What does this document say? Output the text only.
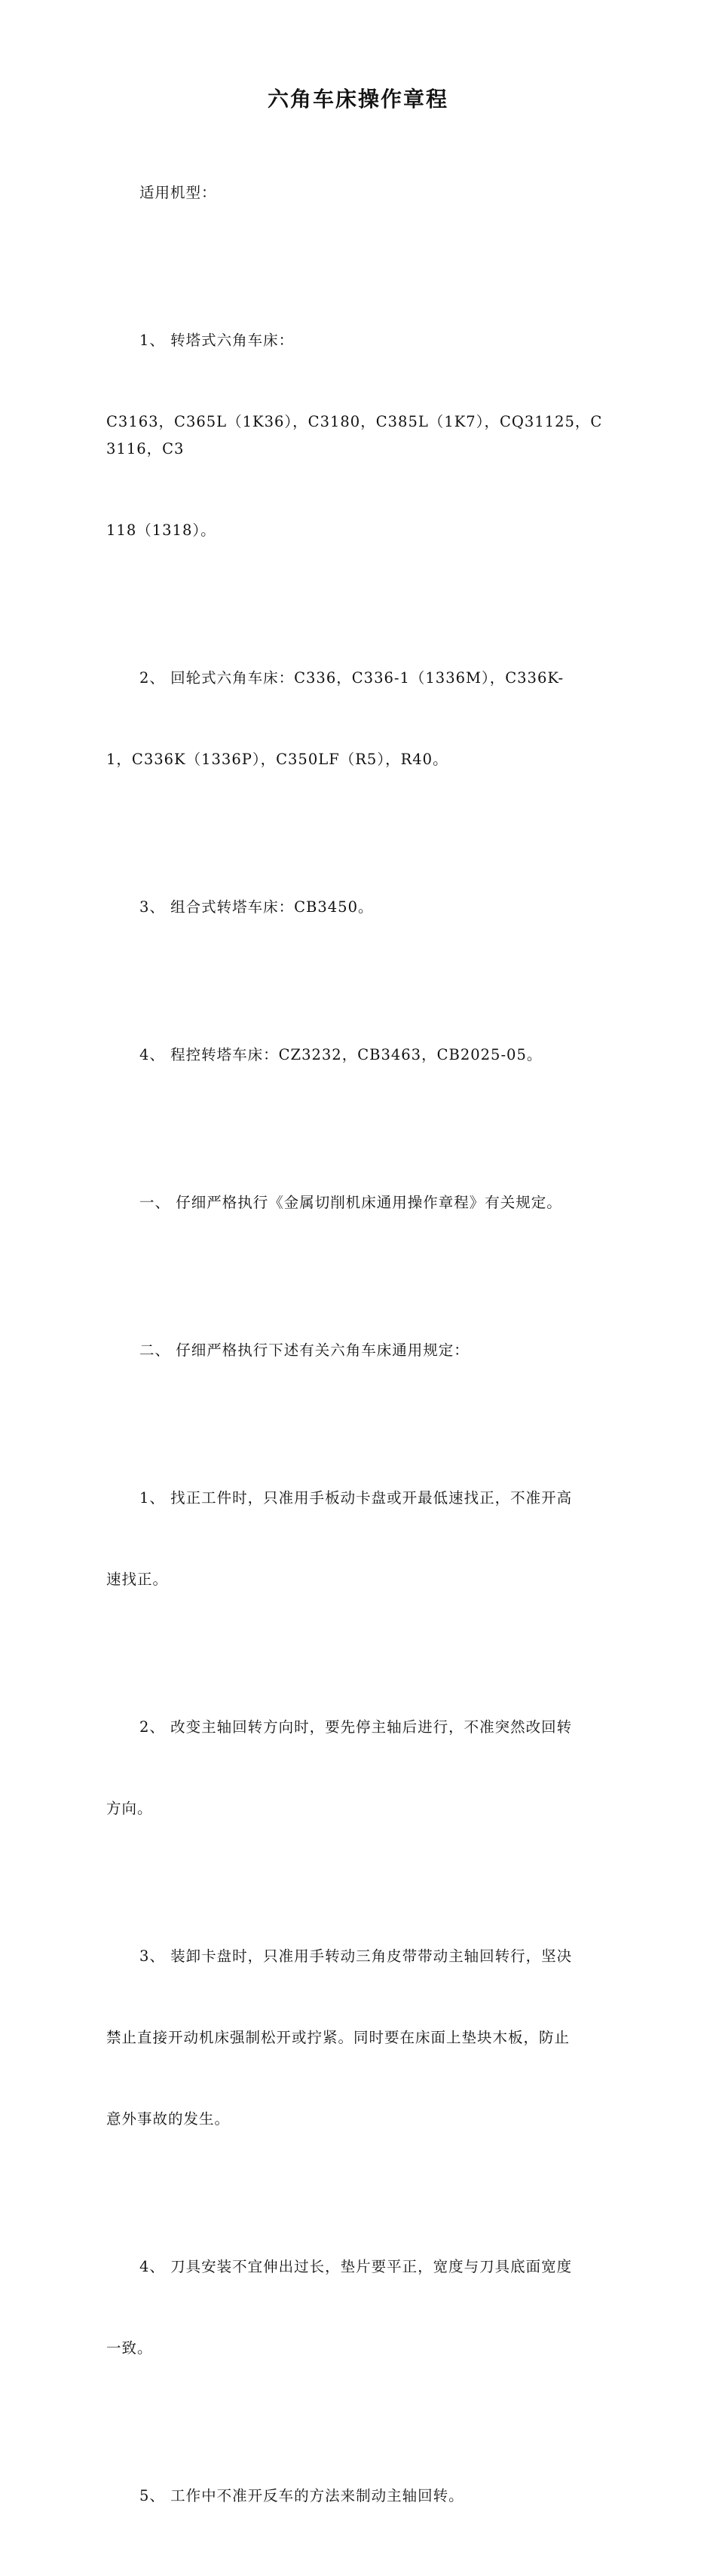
六角车床操作章程

适用机型：

1、 转塔式六角车床：

C3163，C365L（1K36），C3180，C385L（1K7），CQ31125，C3116，C3

118（1318）。

2、 回轮式六角车床：C336，C336-1（1336M），C336K-

1，C336K（1336P），C350LF（R5），R40。

3、 组合式转塔车床：CB3450。

4、 程控转塔车床：CZ3232，CB3463，CB2025-05。

一、 仔细严格执行《金属切削机床通用操作章程》有关规定。

二、 仔细严格执行下述有关六角车床通用规定：

1、 找正工件时，只准用手板动卡盘或开最低速找正，不准开高

速找正。

2、 改变主轴回转方向时，要先停主轴后进行，不准突然改回转

方向。

3、 装卸卡盘时，只准用手转动三角皮带带动主轴回转行，坚决

禁止直接开动机床强制松开或拧紧。同时要在床面上垫块木板，防止

意外事故的发生。

4、 刀具安装不宜伸出过长，垫片要平正，宽度与刀具底面宽度

一致。

5、 工作中不准开反车的方法来制动主轴回转。
